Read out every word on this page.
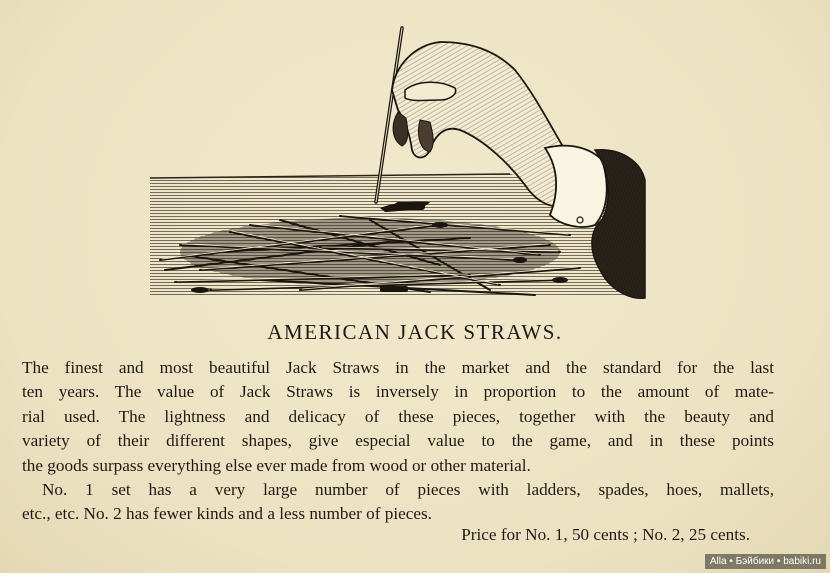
AMERICAN JACK STRAWS.
The finest and most beautiful Jack Straws in the market and the standard for the last
ten years. The value of Jack Straws is inversely in proportion to the amount of mate-
rial used. The lightness and delicacy of these pieces, together with the beauty and
variety of their different shapes, give especial value to the game, and in these points
the goods surpass everything else ever made from wood or other material.
No. 1 set has a very large number of pieces with ladders, spades, hoes, mallets,
etc., etc. No. 2 has fewer kinds and a less number of pieces.
Price for No. 1, 50 cents ; No. 2, 25 cents.
Alla • Бэйбики • babiki.ru
